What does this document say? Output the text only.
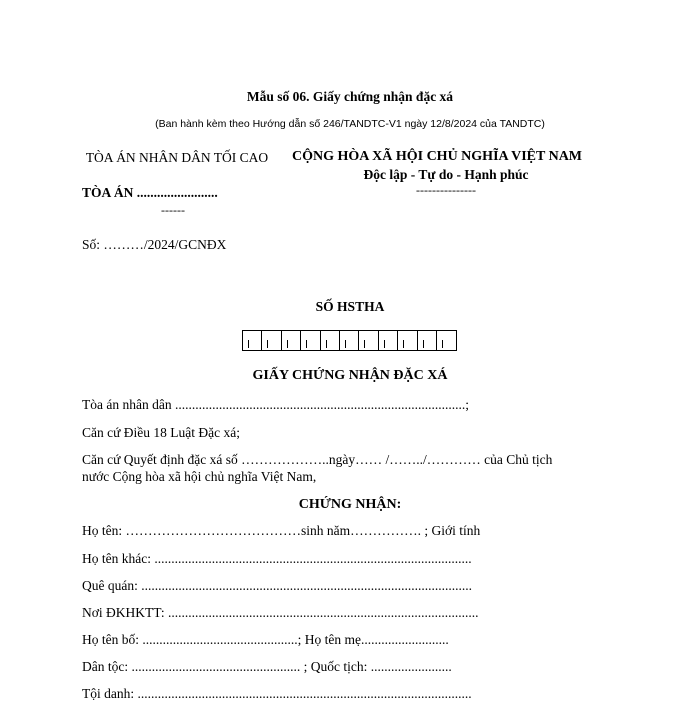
Mẫu số 06. Giấy chứng nhận đặc xá
(Ban hành kèm theo Hướng dẫn số 246/TANDTC-V1 ngày 12/8/2024 của TANDTC)
TÒA ÁN NHÂN DÂN TỐI CAO
TÒA ÁN ........................
------
CỘNG HÒA XÃ HỘI CHỦ NGHĨA VIỆT NAM
Độc lập - Tự do - Hạnh phúc
---------------
Số: ………/2024/GCNĐX
SỐ HSTHA
GIẤY CHỨNG NHẬN ĐẶC XÁ
Tòa án nhân dân ......................................................................................;
Căn cứ Điều 18 Luật Đặc xá;
Căn cứ Quyết định đặc xá số ………………..ngày…… /……../………… của Chủ tịch
nước Cộng hòa xã hội chủ nghĩa Việt Nam,
CHỨNG NHẬN:
Họ tên: …………………………………sinh năm……………. ; Giới tính
Họ tên khác: ..............................................................................................
Quê quán: ..................................................................................................
Nơi ĐKHKTT: ............................................................................................
Họ tên bố: ..............................................; Họ tên mẹ..........................
Dân tộc: .................................................. ; Quốc tịch: ........................
Tội danh: ...................................................................................................
